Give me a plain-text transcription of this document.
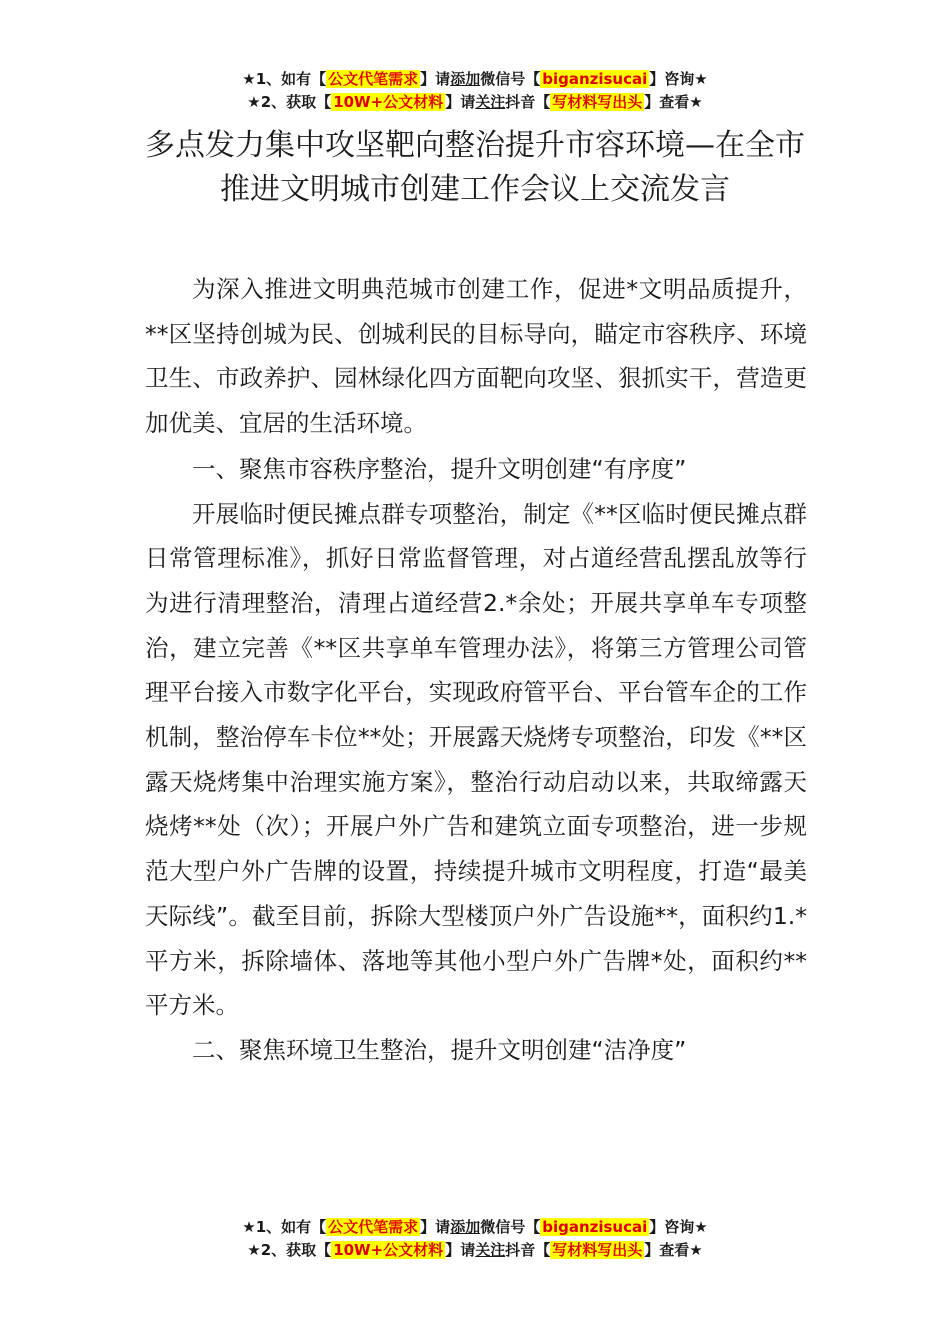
★1、如有【 公文代笔需求 】请添加微信号【 biganzisucai 】咨询★
★2、获取【 10W+公文材料 】请关注抖音【 写材料写出头 】查看★
多点发力集中攻坚靶向整治提升市容环境—在全市推进文明城市创建工作会议上交流发言

为深入推进文明典范城市创建工作，促进*文明品质提升，**区坚持创城为民、创城利民的目标导向，瞄定市容秩序、环境卫生、市政养护、园林绿化四方面靶向攻坚、狠抓实干，营造更加优美、宜居的生活环境。

一、聚焦市容秩序整治，提升文明创建“有序度”

开展临时便民摊点群专项整治，制定《**区临时便民摊点群日常管理标准》，抓好日常监督管理，对占道经营乱摆乱放等行为进行清理整治，清理占道经营2.*余处；开展共享单车专项整治，建立完善《**区共享单车管理办法》，将第三方管理公司管理平台接入市数字化平台，实现政府管平台、平台管车企的工作机制，整治停车卡位**处；开展露天烧烤专项整治，印发《**区露天烧烤集中治理实施方案》，整治行动启动以来，共取缔露天烧烤**处（次）；开展户外广告和建筑立面专项整治，进一步规范大型户外广告牌的设置，持续提升城市文明程度，打造“最美天际线”。截至目前，拆除大型楼顶户外广告设施**，面积约1.*平方米，拆除墙体、落地等其他小型户外广告牌*处，面积约**平方米。

二、聚焦环境卫生整治，提升文明创建“洁净度”

★1、如有【 公文代笔需求 】请添加微信号【 biganzisucai 】咨询★
★2、获取【 10W+公文材料 】请关注抖音【 写材料写出头 】查看★
